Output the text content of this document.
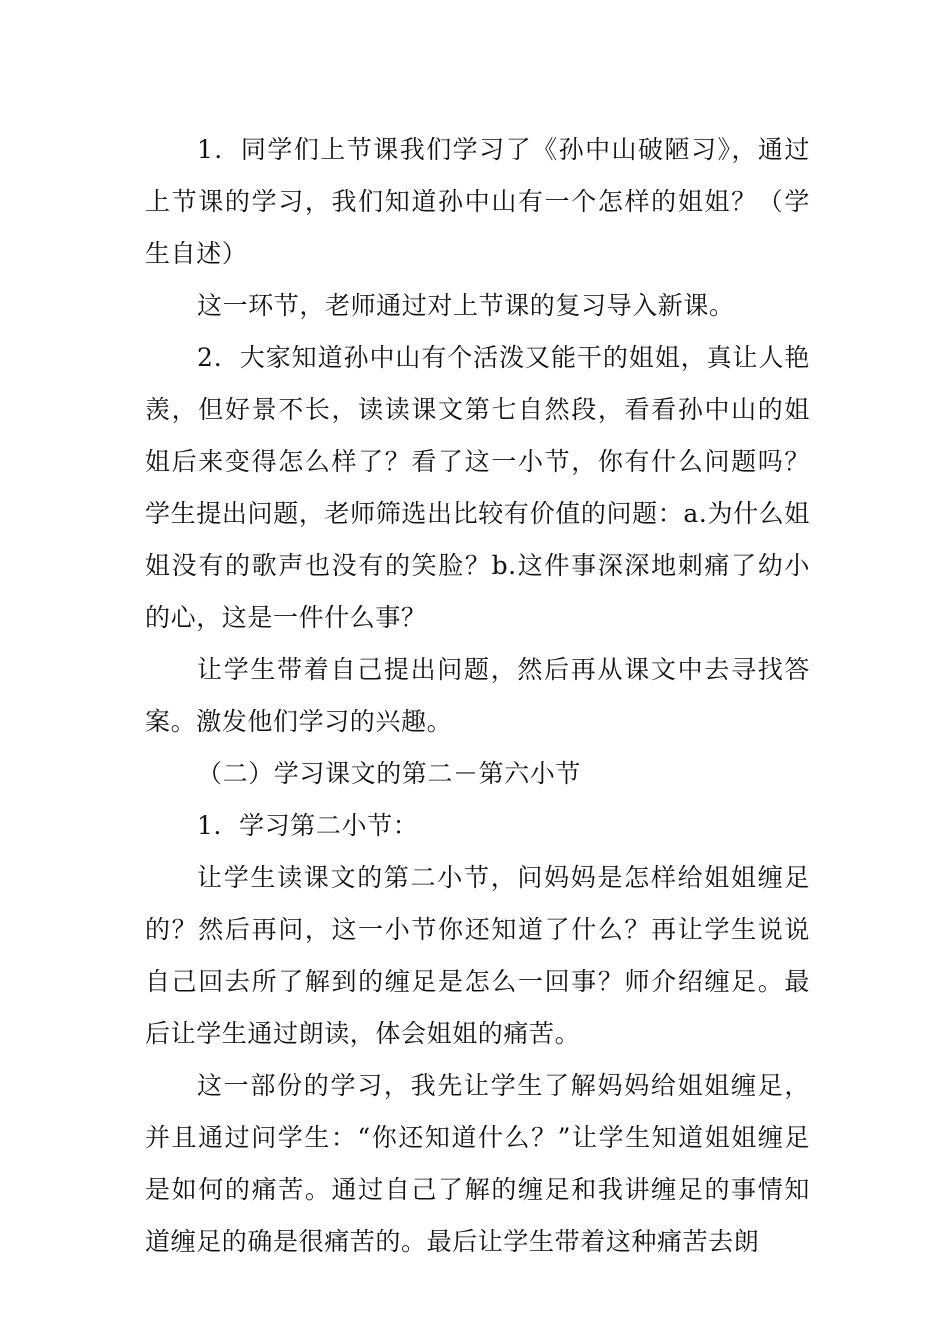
1．同学们上节课我们学习了《孙中山破陋习》，通过上节课的学习，我们知道孙中山有一个怎样的姐姐？（学生自述）

这一环节，老师通过对上节课的复习导入新课。

2．大家知道孙中山有个活泼又能干的姐姐，真让人艳羡，但好景不长，读读课文第七自然段，看看孙中山的姐姐后来变得怎么样了？看了这一小节，你有什么问题吗？学生提出问题，老师筛选出比较有价值的问题：a.为什么姐姐没有的歌声也没有的笑脸？b.这件事深深地刺痛了幼小的心，这是一件什么事？

让学生带着自己提出问题，然后再从课文中去寻找答案。激发他们学习的兴趣。

（二）学习课文的第二－第六小节

1．学习第二小节：

让学生读课文的第二小节，问妈妈是怎样给姐姐缠足的？然后再问，这一小节你还知道了什么？再让学生说说自己回去所了解到的缠足是怎么一回事？师介绍缠足。最后让学生通过朗读，体会姐姐的痛苦。

这一部份的学习，我先让学生了解妈妈给姐姐缠足，并且通过问学生：“你还知道什么？”让学生知道姐姐缠足是如何的痛苦。通过自己了解的缠足和我讲缠足的事情知道缠足的确是很痛苦的。最后让学生带着这种痛苦去朗
